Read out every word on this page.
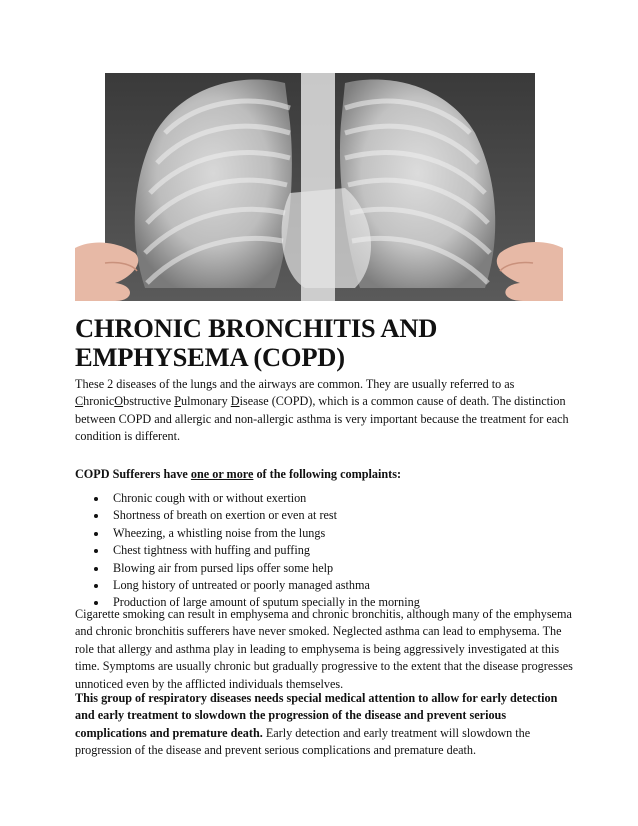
CHRONIC BRONCHITIS AND EMPHYSEMA (COPD)

These 2 diseases of the lungs and the airways are common. They are usually referred to as ChronicObstructive Pulmonary Disease (COPD), which is a common cause of death. The distinction between COPD and allergic and non-allergic asthma is very important because the treatment for each condition is different.

COPD Sufferers have one or more of the following complaints:

Chronic cough with or without exertion
Shortness of breath on exertion or even at rest
Wheezing, a whistling noise from the lungs
Chest tightness with huffing and puffing
Blowing air from pursed lips offer some help
Long history of untreated or poorly managed asthma
Production of large amount of sputum specially in the morning

Cigarette smoking can result in emphysema and chronic bronchitis, although many of the emphysema and chronic bronchitis sufferers have never smoked. Neglected asthma can lead to emphysema. The role that allergy and asthma play in leading to emphysema is being aggressively investigated at this time. Symptoms are usually chronic but gradually progressive to the extent that the disease progresses unnoticed even by the afflicted individuals themselves.

This group of respiratory diseases needs special medical attention to allow for early detection and early treatment to slowdown the progression of the disease and prevent serious complications and premature death. Early detection and early treatment will slowdown the progression of the disease and prevent serious complications and premature death.
